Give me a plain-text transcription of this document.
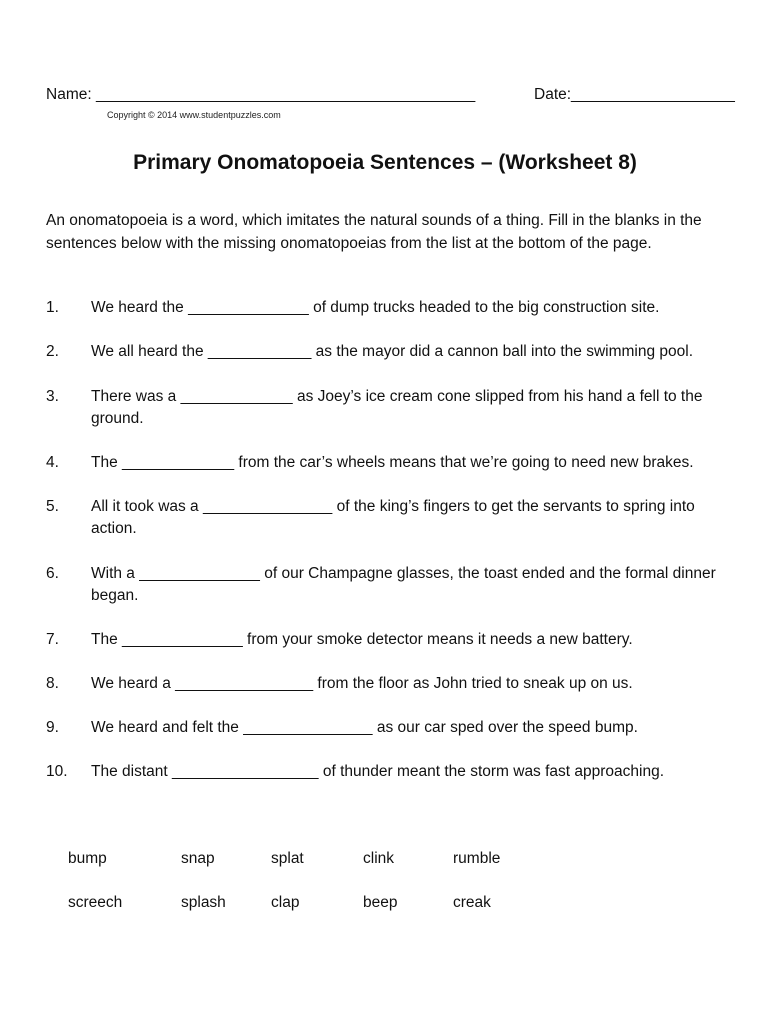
Name: ____________________________________________	Date:___________________
Copyright © 2014 www.studentpuzzles.com
Primary Onomatopoeia Sentences – (Worksheet 8)
An onomatopoeia is a word, which imitates the natural sounds of a thing. Fill in the blanks in the sentences below with the missing onomatopoeias from the list at the bottom of the page.
1.	We heard the ______________ of dump trucks headed to the big construction site.
2.	We all heard the ____________ as the mayor did a cannon ball into the swimming pool.
3.	There was a _____________ as Joey’s ice cream cone slipped from his hand a fell to the ground.
4.	The _____________ from the car’s wheels means that we’re going to need new brakes.
5.	All it took was a _______________ of the king’s fingers to get the servants to spring into action.
6.	With a ______________ of our Champagne glasses, the toast ended and the formal dinner began.
7.	The ______________ from your smoke detector means it needs a new battery.
8.	We heard a ________________ from the floor as John tried to sneak up on us.
9.	We heard and felt the _______________ as our car sped over the speed bump.
10.	The distant _________________ of thunder meant the storm was fast approaching.
bump	snap	splat	clink	rumble
screech	splash	clap	beep	creak
